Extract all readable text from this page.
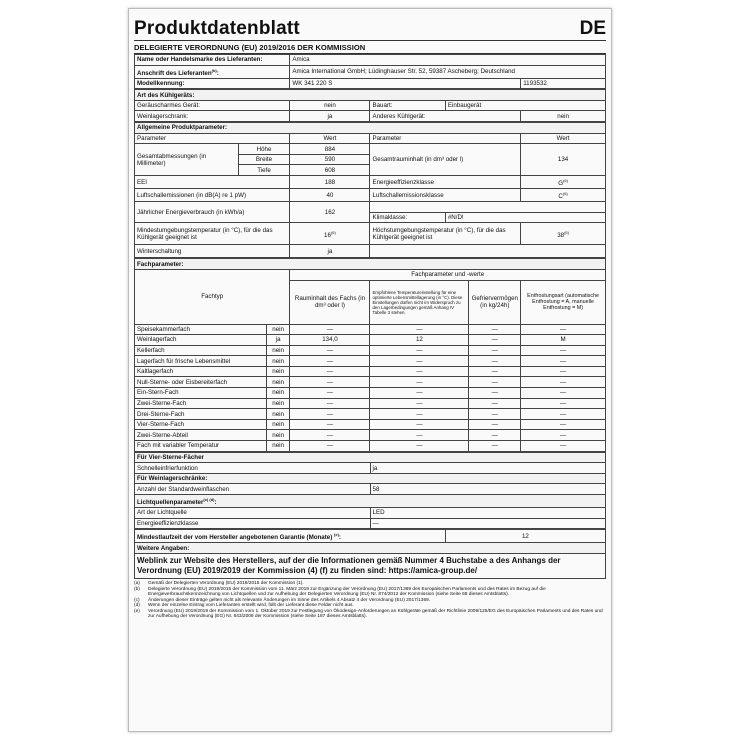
Produktdatenblatt	DE
DELEGIERTE VERORDNUNG (EU) 2019/2016 DER KOMMISSION
Name oder Handelsmarke des Lieferanten:	Amica	
Anschrift des Lieferanten$^{(b)}$:	Amica International GmbH; Lüdinghauser Str. 52, 59387 Ascheberg; Deutschland	
Modellkennung:	WK 341 220 S	1193532
Art des Kühlgeräts:				
Geräuscharmes Gerät:	nein	Bauart:	Einbaugerät	
Weinlagerschrank:	ja	Anderes Kühlgerät:		nein
Allgemeine Produktparameter:					
Parameter		Wert	Parameter		Wert
Gesamtabmessungen (in Millimeter)	Höhe	884	Gesamtrauminhalt (in dm³ oder l)		134
	Breite	590			
	Tiefe	608			
EEI		188	Energieeffizienzklasse		$G^{(6)}$
Luftschallemissionen (in dB(A) re 1 pW)		40	Luftschallemissionsklasse		$C^{(6)}$
Jährlicher Energieverbrauch (in kWh/a)		162			
			Klimaklasse:	#N/D!	
Mindestumgebungstemperatur (in °C), für die das Kühlgerät geeignet ist		16$^{(6)}$	Höchstumgebungstemperatur (in °C), für die das Kühlgerät geeignet ist		38$^{(6)}$
Winterschaltung		ja			
Fachparameter:					
Fachtyp		Fachparameter und -werte			
		Rauminhalt des Fachs (in dm³ oder l)	Empfohlene Temperatureinstellung für eine optimierte Lebensmittellagerung (in °C). Diese Einstellungen dürfen nicht im Widerspruch zu den Lagerbedingungen gemäß Anhang IV Tabelle 3 stehen.	Gefriervermögen (in kg/24h)	Entfrostungsart (automatische Entfrostung = A, manuelle Entfrostung = M)
Speisekammerfach	nein	—	—	—	—
Weinlagerfach	ja	134,0	12	—	M
Kellerfach	nein	—	—	—	—
Lagerfach für frische Lebensmittel	nein	—	—	—	—
Kaltlagerfach	nein	—	—	—	—
Null-Sterne- oder Eisbereiterfach	nein	—	—	—	—
Ein-Stern-Fach	nein	—	—	—	—
Zwei-Sterne-Fach	nein	—	—	—	—
Drei-Sterne-Fach	nein	—	—	—	—
Vier-Sterne-Fach	nein	—	—	—	—
Zwei-Sterne-Abteil	nein	—	—	—	—
Fach mit variabler Temperatur	nein	—	—	—	—
Für Vier-Sterne-Fächer	
Schnelleinfrierfunktion	ja
Für Weinlagerschränke:	
Anzahl der Standardweinflaschen	58
Lichtquellenparameter$^{(c) (d)}$:	
Art der Lichtquelle	LED
Energieeffizienzklasse	—
Mindestlaufzeit der vom Hersteller angebotenen Garantie (Monate) $^{(e)}$:	12
Weitere Angaben:
Weblink zur Website des Herstellers, auf der die Informationen gemäß Nummer 4 Buchstabe a des Anhangs der Verordnung (EU) 2019/2019 der Kommission (4) (f) zu finden sind: https://amica-group.de/
(a)	Gemäß der Delegierten Verordnung (EU) 2019/2015 der Kommission (1).
(b)	Delegierte Verordnung (EU) 2019/2015 der Kommission vom 11. März 2019 zur Ergänzung der Verordnung (EU) 2017/1369 des Europäischen Parlaments und des Rates im Bezug auf die Energieverbrauchskennzeichnung von Lichtquellen und zur Aufhebung der Delegierten Verordnung (EU) Nr. 874/2012 der Kommission (siehe Seite 68 dieses Amtsblatts).
(c)	Änderungen dieser Einträge gelten nicht als relevante Änderungen im Sinne des Artikels 4 Absatz 4 der Verordnung (EU) 2017/1369.
(d)	Wenn der einzelne Eintrag vom Lieferanten erstellt wird, füllt der Lieferant diese Felder nicht aus.
(e)	Verordnung (EU) 2019/2019 der Kommission vom 1. Oktober 2019 zur Festlegung von Ökodesign-Anforderungen an Kühlgeräte gemäß der Richtlinie 2009/125/EG des Europäischen Parlaments und des Rates und zur Aufhebung der Verordnung (EG) Nr. 643/2009 der Kommission (siehe Seite 187 dieses Amtsblatts).
